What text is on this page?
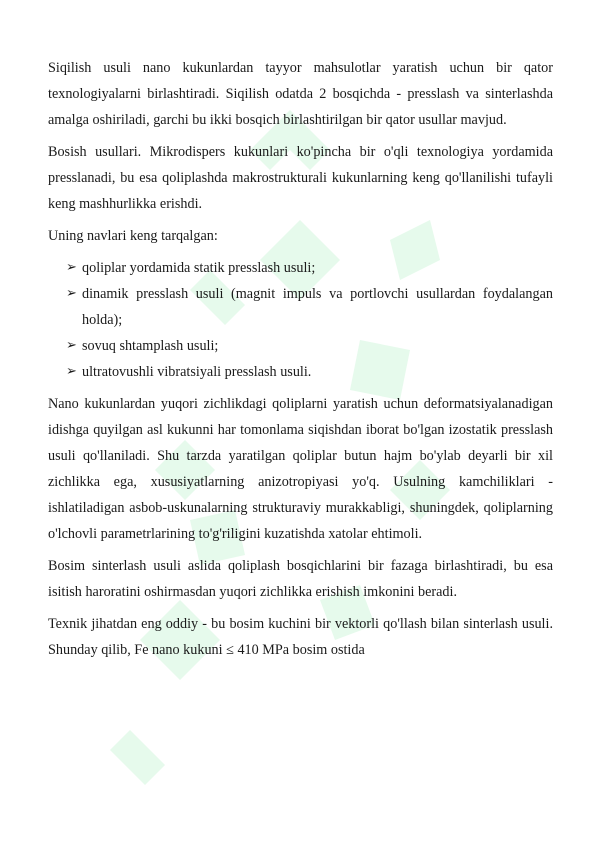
Siqilish usuli nano kukunlardan tayyor mahsulotlar yaratish uchun bir qator texnologiyalarni birlashtiradi. Siqilish odatda 2 bosqichda - presslash va sinterlashda amalga oshiriladi, garchi bu ikki bosqich birlashtirilgan bir qator usullar mavjud.

Bosish usullari. Mikrodispers kukunlari ko'pincha bir o'qli texnologiya yordamida presslanadi, bu esa qoliplashda makrostrukturali kukunlarning keng qo'llanilishi tufayli keng mashhurlikka erishdi.

Uning navlari keng tarqalgan:

➢ qoliplar yordamida statik presslash usuli;
➢ dinamik presslash usuli (magnit impuls va portlovchi usullardan foydalangan holda);
➢ sovuq shtamplash usuli;
➢ ultratovushli vibratsiyali presslash usuli.

Nano kukunlardan yuqori zichlikdagi qoliplarni yaratish uchun deformatsiyalanadigan idishga quyilgan asl kukunni har tomonlama siqishdan iborat bo'lgan izostatik presslash usuli qo'llaniladi. Shu tarzda yaratilgan qoliplar butun hajm bo'ylab deyarli bir xil zichlikka ega, xususiyatlarning anizotropiyasi yo'q. Usulning kamchiliklari - ishlatiladigan asbob-uskunalarning strukturaviy murakkabligi, shuningdek, qoliplarning o'lchovli parametrlarining to'g'riligini kuzatishda xatolar ehtimoli.

Bosim sinterlash usuli aslida qoliplash bosqichlarini bir fazaga birlashtiradi, bu esa isitish haroratini oshirmasdan yuqori zichlikka erishish imkonini beradi.

Texnik jihatdan eng oddiy - bu bosim kuchini bir vektorli qo'llash bilan sinterlash usuli. Shunday qilib, Fe nano kukuni ≤ 410 MPa bosim ostida
